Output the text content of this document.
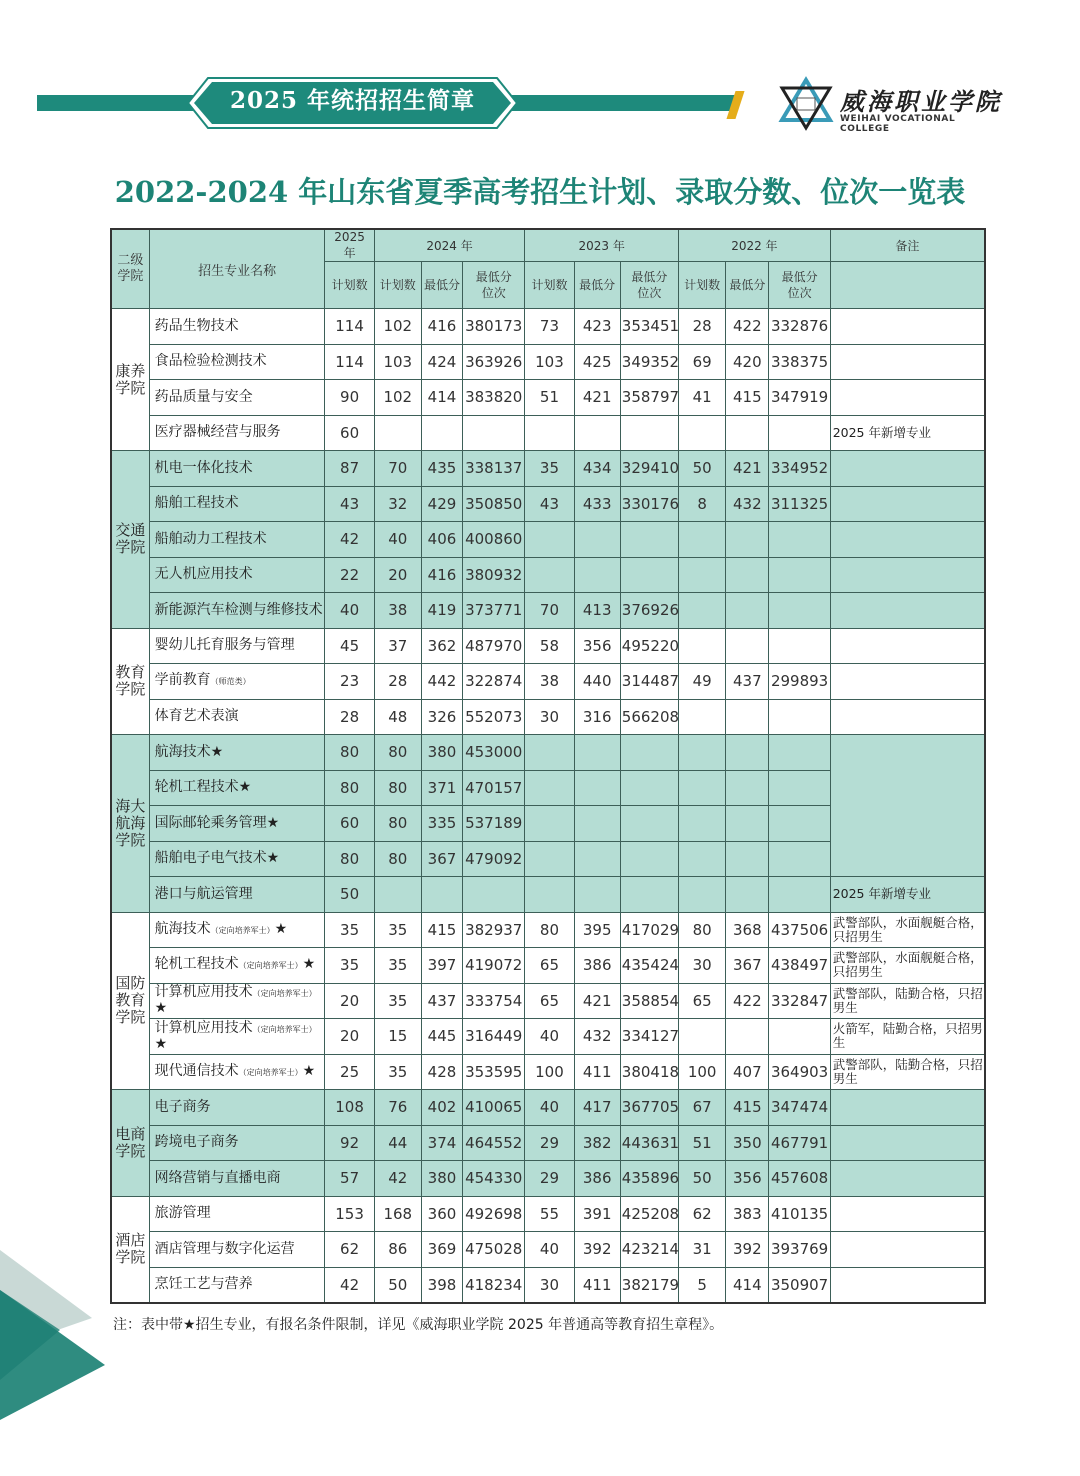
2025 年统招招生简章	威海职业学院
WEIHAI VOCATIONAL COLLEGE
2022-2024 年山东省夏季高考招生计划、录取分数、位次一览表
二级学院	招生专业名称	2025 年	2024 年			2023 年			2022 年			备注
		计划数	计划数	最低分	最低分位次	计划数	最低分	最低分位次	计划数	最低分	最低分位次	
康养学院	药品生物技术	114	102	416	380173	73	423	353451	28	422	332876	
	食品检验检测技术	114	103	424	363926	103	425	349352	69	420	338375	
	药品质量与安全	90	102	414	383820	51	421	358797	41	415	347919	
	医疗器械经营与服务	60										2025 年新增专业
交通学院	机电一体化技术	87	70	435	338137	35	434	329410	50	421	334952	
	船舶工程技术	43	32	429	350850	43	433	330176	8	432	311325	
	船舶动力工程技术	42	40	406	400860							
	无人机应用技术	22	20	416	380932							
	新能源汽车检测与维修技术	40	38	419	373771	70	413	376926				
教育学院	婴幼儿托育服务与管理	45	37	362	487970	58	356	495220				
	学前教育（师范类）	23	28	442	322874	38	440	314487	49	437	299893	
	体育艺术表演	28	48	326	552073	30	316	566208				
海大航海学院	航海技术★	80	80	380	453000							
	轮机工程技术★	80	80	371	470157							
	国际邮轮乘务管理★	60	80	335	537189							
	船舶电子电气技术★	80	80	367	479092							
	港口与航运管理	50										2025 年新增专业
国防教育学院	航海技术（定向培养军士）★	35	35	415	382937	80	395	417029	80	368	437506	武警部队，水面舰艇合格，只招男生
	轮机工程技术（定向培养军士）★	35	35	397	419072	65	386	435424	30	367	438497	武警部队，水面舰艇合格，只招男生
	计算机应用技术（定向培养军士）★	20	35	437	333754	65	421	358854	65	422	332847	武警部队，陆勤合格，只招男生
	计算机应用技术（定向培养军士）★	20	15	445	316449	40	432	334127				火箭军，陆勤合格，只招男生
	现代通信技术（定向培养军士）★	25	35	428	353595	100	411	380418	100	407	364903	武警部队，陆勤合格，只招男生
电商学院	电子商务	108	76	402	410065	40	417	367705	67	415	347474	
	跨境电子商务	92	44	374	464552	29	382	443631	51	350	467791	
	网络营销与直播电商	57	42	380	454330	29	386	435896	50	356	457608	
酒店学院	旅游管理	153	168	360	492698	55	391	425208	62	383	410135	
	酒店管理与数字化运营	62	86	369	475028	40	392	423214	31	392	393769	
	烹饪工艺与营养	42	50	398	418234	30	411	382179	5	414	350907	
注：表中带★招生专业，有报名条件限制，详见《威海职业学院 2025 年普通高等教育招生章程》。
